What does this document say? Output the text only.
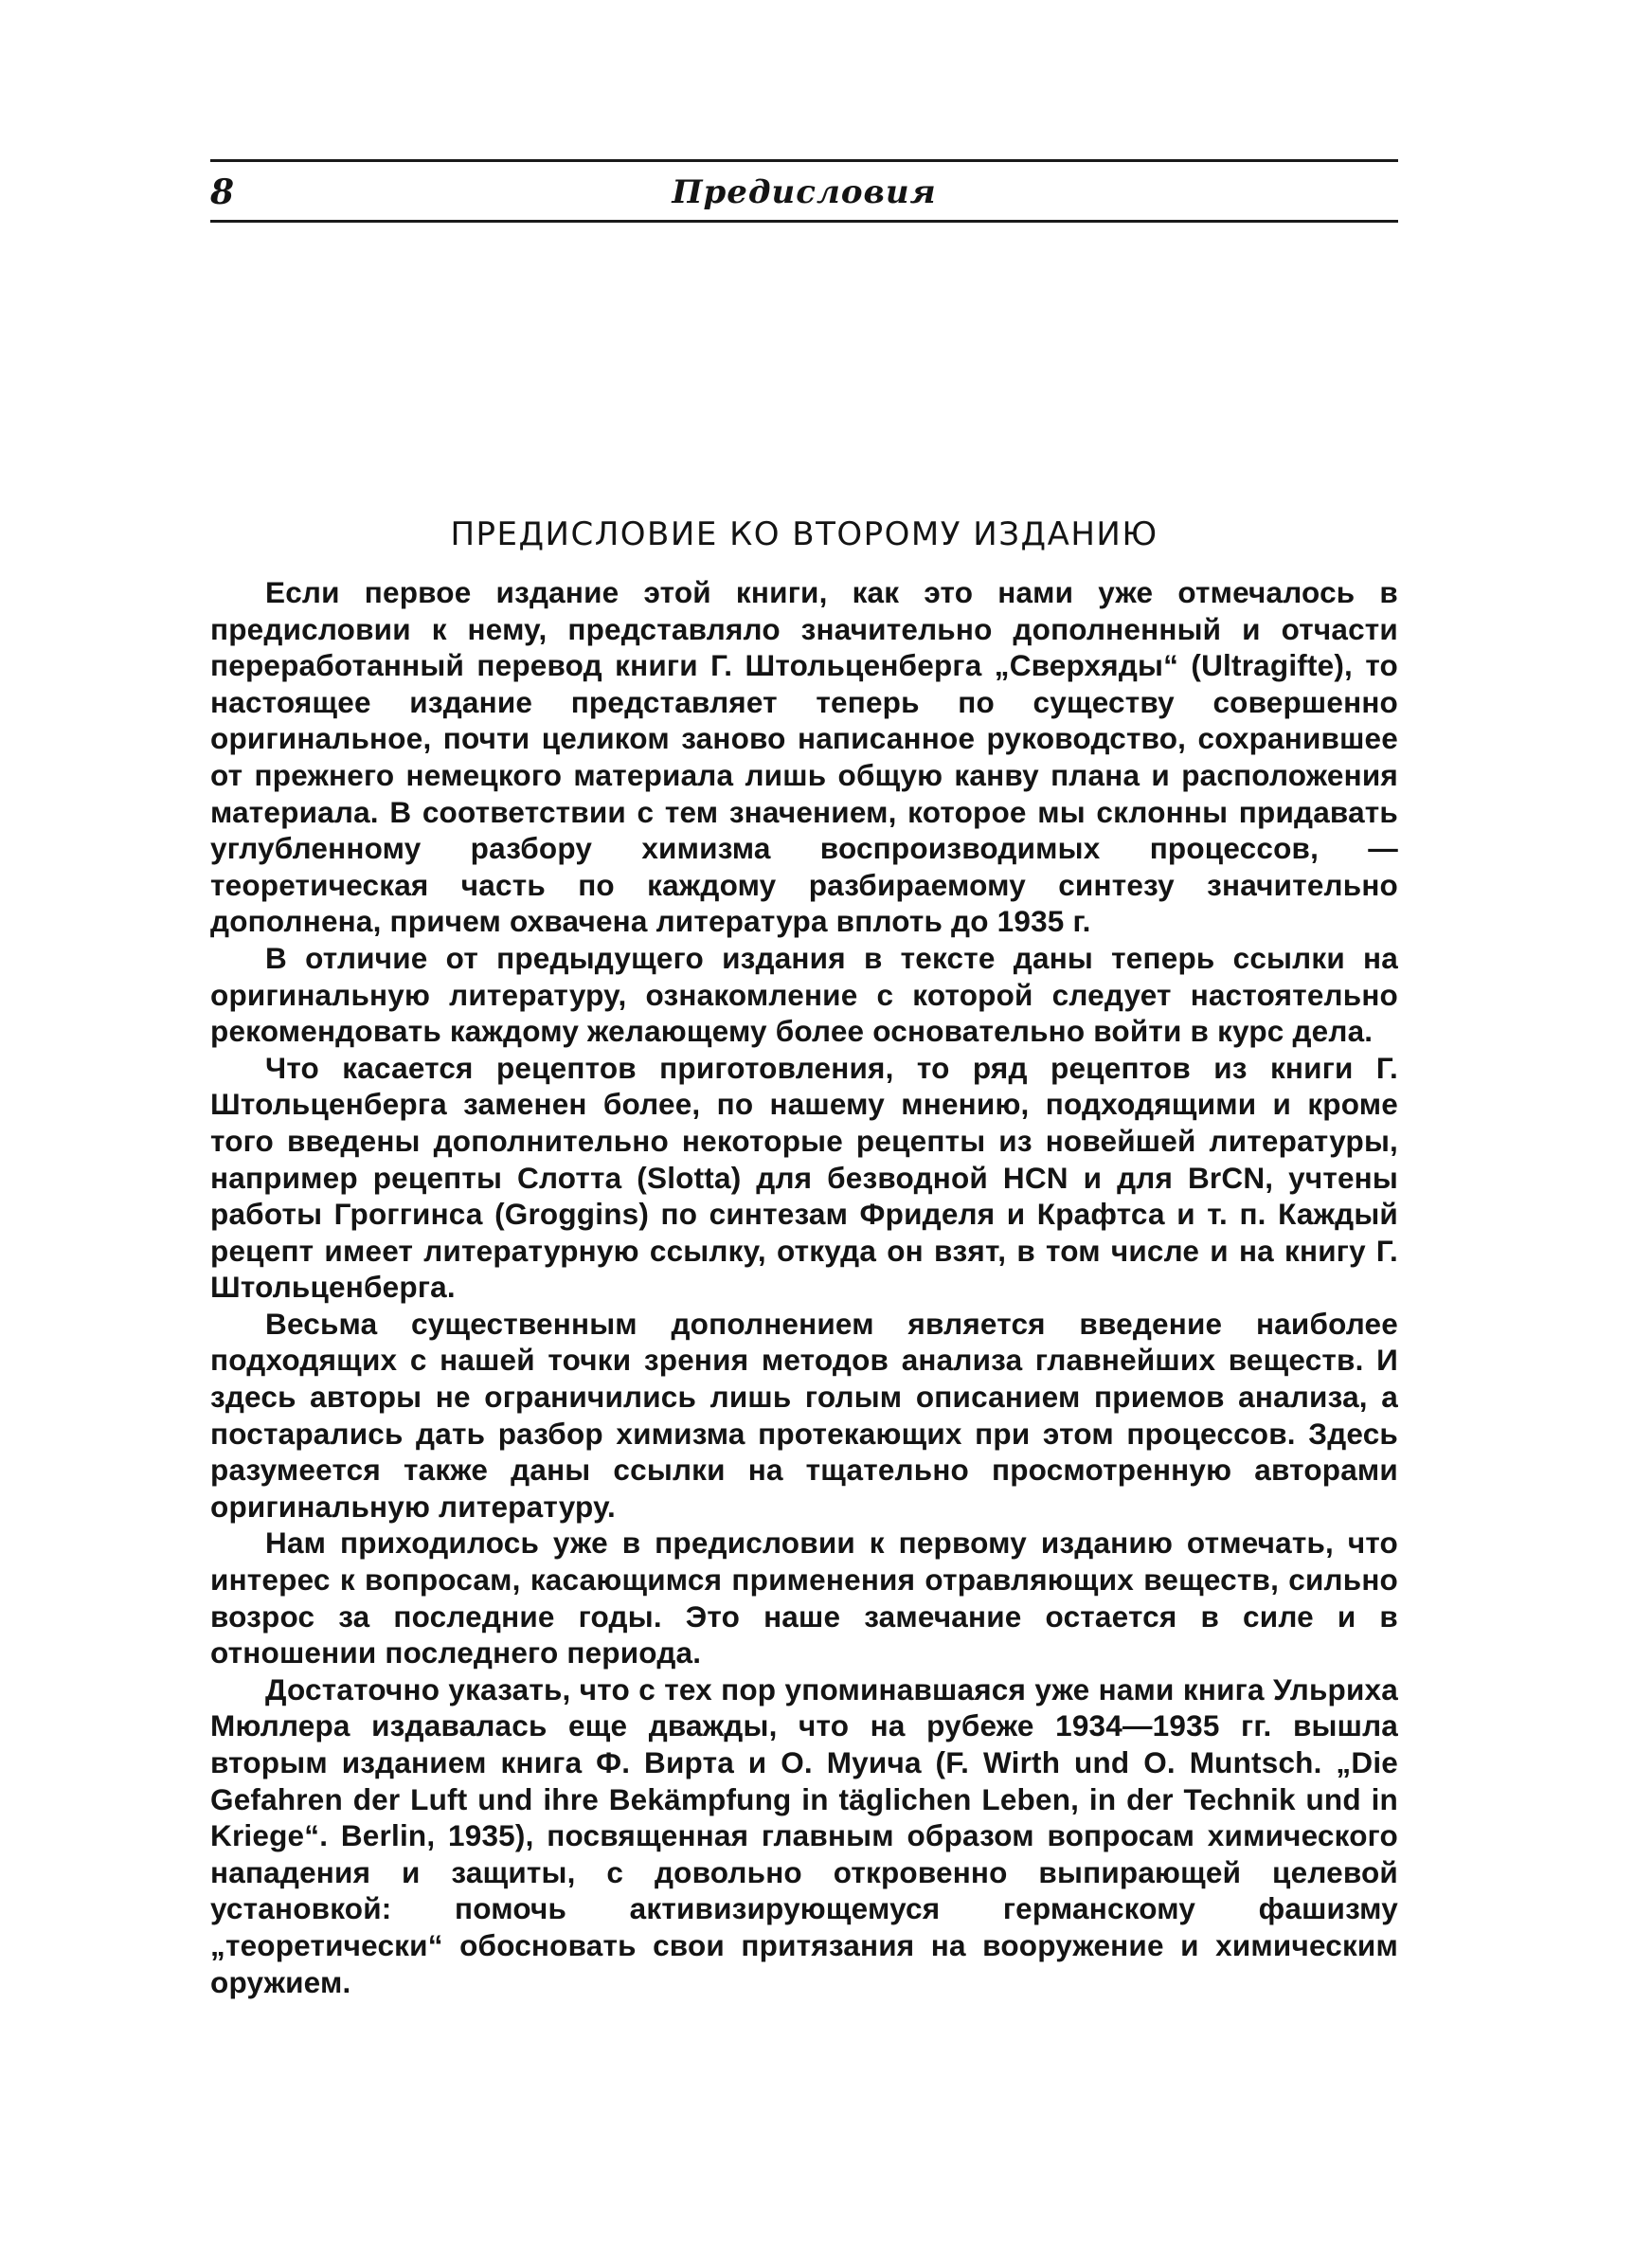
8	Предисловия
ПРЕДИСЛОВИЕ КО ВТОРОМУ ИЗДАНИЮ

Если первое издание этой книги, как это нами уже отмечалось в предисловии к нему, представляло значительно дополненный и отчасти переработанный перевод книги Г. Штольценберга „Сверхяды“ (Ultragifte), то настоящее издание представляет теперь по существу совершенно оригинальное, почти целиком заново написанное руководство, сохранившее от прежнего немецкого материала лишь общую канву плана и расположения материала. В соответствии с тем значением, которое мы склонны придавать углубленному разбору химизма воспроизводимых процессов, — теоретическая часть по каждому разбираемому синтезу значительно дополнена, причем охвачена литература вплоть до 1935 г.

В отличие от предыдущего издания в тексте даны теперь ссылки на оригинальную литературу, ознакомление с которой следует настоятельно рекомендовать каждому желающему более основательно войти в курс дела.

Что касается рецептов приготовления, то ряд рецептов из книги Г. Штольценберга заменен более, по нашему мнению, подходящими и кроме того введены дополнительно некоторые рецепты из новейшей литературы, например рецепты Слотта (Slotta) для безводной HCN и для BrCN, учтены работы Гроггинса (Groggins) по синтезам Фриделя и Крафтса и т. п. Каждый рецепт имеет литературную ссылку, откуда он взят, в том числе и на книгу Г. Штольценберга.

Весьма существенным дополнением является введение наиболее подходящих с нашей точки зрения методов анализа главнейших веществ. И здесь авторы не ограничились лишь голым описанием приемов анализа, а постарались дать разбор химизма протекающих при этом процессов. Здесь разумеется также даны ссылки на тщательно просмотренную авторами оригинальную литературу.

Нам приходилось уже в предисловии к первому изданию отмечать, что интерес к вопросам, касающимся применения отравляющих веществ, сильно возрос за последние годы. Это наше замечание остается в силе и в отношении последнего периода.

Достаточно указать, что с тех пор упоминавшаяся уже нами книга Ульриха Мюллера издавалась еще дважды, что на рубеже 1934—1935 гг. вышла вторым изданием книга Ф. Вирта и О. Муича (F. Wirth und O. Muntsch. „Die Gefahren der Luft und ihre Bekämpfung in täglichen Leben, in der Technik und in Kriege“. Berlin, 1935), посвященная главным образом вопросам химического нападения и защиты, с довольно откровенно выпирающей целевой установкой: помочь активизирующемуся германскому фашизму „теоретически“ обосновать свои притязания на вооружение и химическим оружием.
